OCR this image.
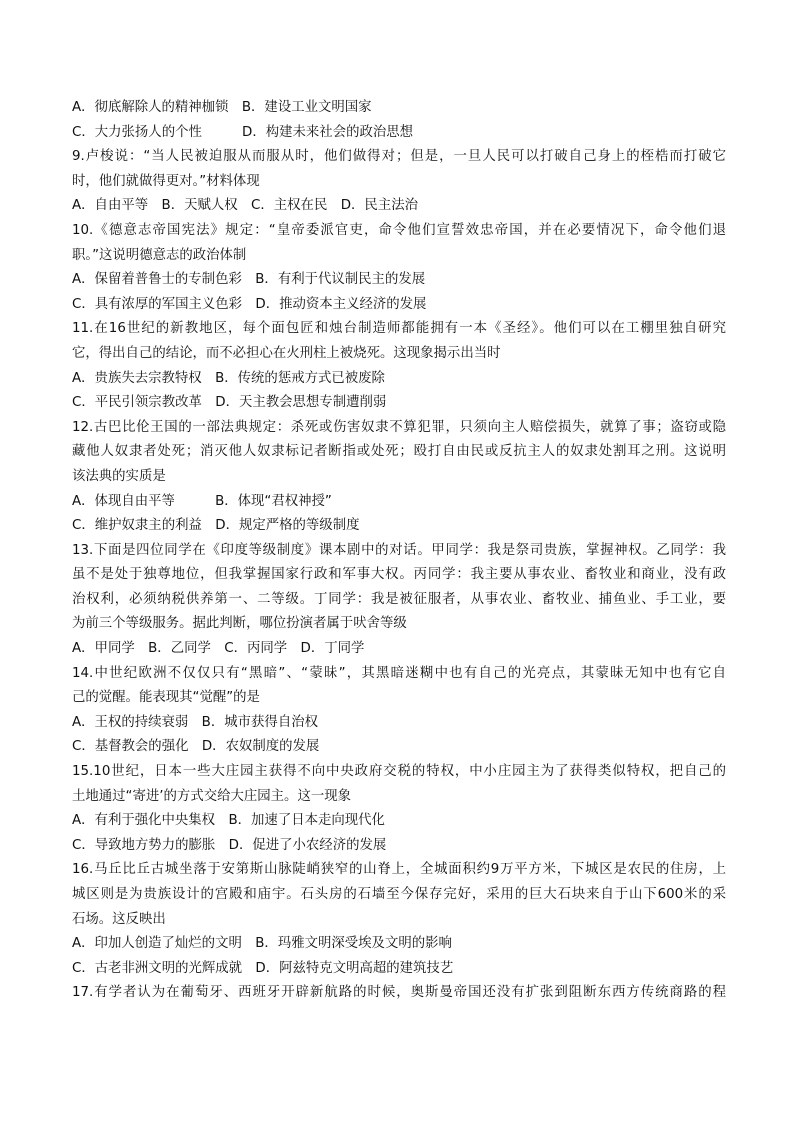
A．彻底解除人的精神枷锁　B．建设工业文明国家
C．大力张扬人的个性　　　D．构建未来社会的政治思想
9.卢梭说：“当人民被迫服从而服从时，他们做得对；但是，一旦人民可以打破自己身上的桎梏而打破它
时，他们就做得更对。”材料体现
A．自由平等　B．天赋人权　C．主权在民　D．民主法治
10.《德意志帝国宪法》规定：“皇帝委派官吏，命令他们宣誓效忠帝国，并在必要情况下，命令他们退
职。”这说明德意志的政治体制
A．保留着普鲁士的专制色彩　B．有利于代议制民主的发展
C．具有浓厚的军国主义色彩　D．推动资本主义经济的发展
11.在16世纪的新教地区，每个面包匠和烛台制造师都能拥有一本《圣经》。他们可以在工棚里独自研究
它，得出自己的结论，而不必担心在火刑柱上被烧死。这现象揭示出当时
A．贵族失去宗教特权　B．传统的惩戒方式已被废除
C．平民引领宗教改革　D．天主教会思想专制遭削弱
12.古巴比伦王国的一部法典规定：杀死或伤害奴隶不算犯罪，只须向主人赔偿损失，就算了事；盗窃或隐
藏他人奴隶者处死；消灭他人奴隶标记者断指或处死；殴打自由民或反抗主人的奴隶处割耳之刑。这说明
该法典的实质是
A．体现自由平等　　　B．体现“君权神授”
C．维护奴隶主的利益　D．规定严格的等级制度
13.下面是四位同学在《印度等级制度》课本剧中的对话。甲同学：我是祭司贵族，掌握神权。乙同学：我
虽不是处于独尊地位，但我掌握国家行政和军事大权。丙同学：我主要从事农业、畜牧业和商业，没有政
治权利，必须纳税供养第一、二等级。丁同学：我是被征服者，从事农业、畜牧业、捕鱼业、手工业，要
为前三个等级服务。据此判断，哪位扮演者属于吠舍等级
A．甲同学　B．乙同学　C．丙同学　D．丁同学
14.中世纪欧洲不仅仅只有“黑暗”、“蒙昧”，其黑暗迷糊中也有自己的光亮点，其蒙昧无知中也有它自
己的觉醒。能表现其“觉醒”的是
A．王权的持续衰弱　B．城市获得自治权
C．基督教会的强化　D．农奴制度的发展
15.10世纪，日本一些大庄园主获得不向中央政府交税的特权，中小庄园主为了获得类似特权，把自己的
土地通过“寄进’的方式交给大庄园主。这一现象
A．有利于强化中央集权　B．加速了日本走向现代化
C．导致地方势力的膨胀　D．促进了小农经济的发展
16.马丘比丘古城坐落于安第斯山脉陡峭狭窄的山脊上，全城面积约9万平方米，下城区是农民的住房，上
城区则是为贵族设计的宫殿和庙宇。石头房的石墙至今保存完好，采用的巨大石块来自于山下600米的采
石场。这反映出
A．印加人创造了灿烂的文明　B．玛雅文明深受埃及文明的影响
C．古老非洲文明的光辉成就　D．阿兹特克文明高超的建筑技艺
17.有学者认为在葡萄牙、西班牙开辟新航路的时候，奥斯曼帝国还没有扩张到阻断东西方传统商路的程
